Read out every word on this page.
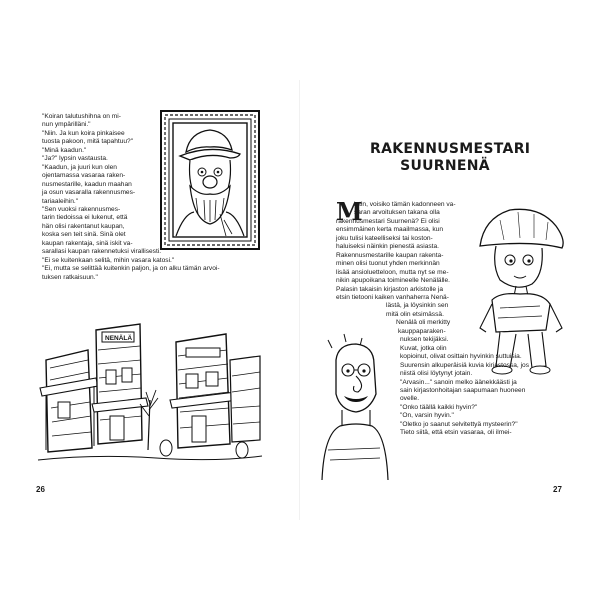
"Koiran talutushihna on mi-
nun ympärilläni."
"Niin. Ja kun koira pinkaisee
tuosta pakoon, mitä tapahtuu?"
"Minä kaadun."
"Ja?" lypsin vastausta.
"Kaadun, ja juuri kun olen
ojentamassa vasaraa raken-
nusmestarille, kaadun maahan
ja osun vasaralla rakennusmes-
tariaaleihin."
"Sen vuoksi rakennusmes-
tarin tiedoissa ei lukenut, että
hän olisi rakentanut kaupan,
koska sen teit sinä. Sinä olet
kaupan rakentaja, sinä iskit va-
sarallasi kaupan rakennetuksi virallisesti."
"Ei se kuitenkaan selitä, mihin vasara katosi."
"Ei, mutta se selittää kuitenkin paljon, ja on alku tämän arvoi-
tuksen ratkaisuun."
NENÄLÄ
26
RAKENNUSMESTARI
SUURNENÄ
M
ietin, voisiko tämän kadonneen va-
saran arvoituksen takana olla
rakennusmestari Suurnenä? Ei olisi
ensimmäinen kerta maailmassa, kun
joku tulisi kateelliseksi tai koston-
haluiseksi näinkin pienestä asiasta.
Rakennusmestarille kaupan rakenta-
minen olisi tuonut yhden merkinnän
lisää ansioluetteloon, mutta nyt se me-
nikin apupoikana toimineelle Nenälälle.
Palasin takaisin kirjaston arkistolle ja
etsin tietooni kaiken vanhaherra Nenä-
lästä, ja löysinkin sen
mitä olin etsimässä.
Nenälä oli merkitty
kauppaparaken-
nuksen tekijäksi.
Kuvat, jotka olin
kopioinut, olivat osittain hyvinkin suttuisia.
Suurensin alkuperäisiä kuvia kirjastossa, jos
niistä olisi löytynyt jotain.
"Arvasin..." sanoin melko äänekkäästi ja
sain kirjastonhoitajan saapumaan huoneen
ovelle.
"Onko täällä kaikki hyvin?"
"On, varsin hyvin."
"Oletko jo saanut selvitettyä mysteerin?"
Tieto siitä, että etsin vasaraa, oli ilmei-
27
